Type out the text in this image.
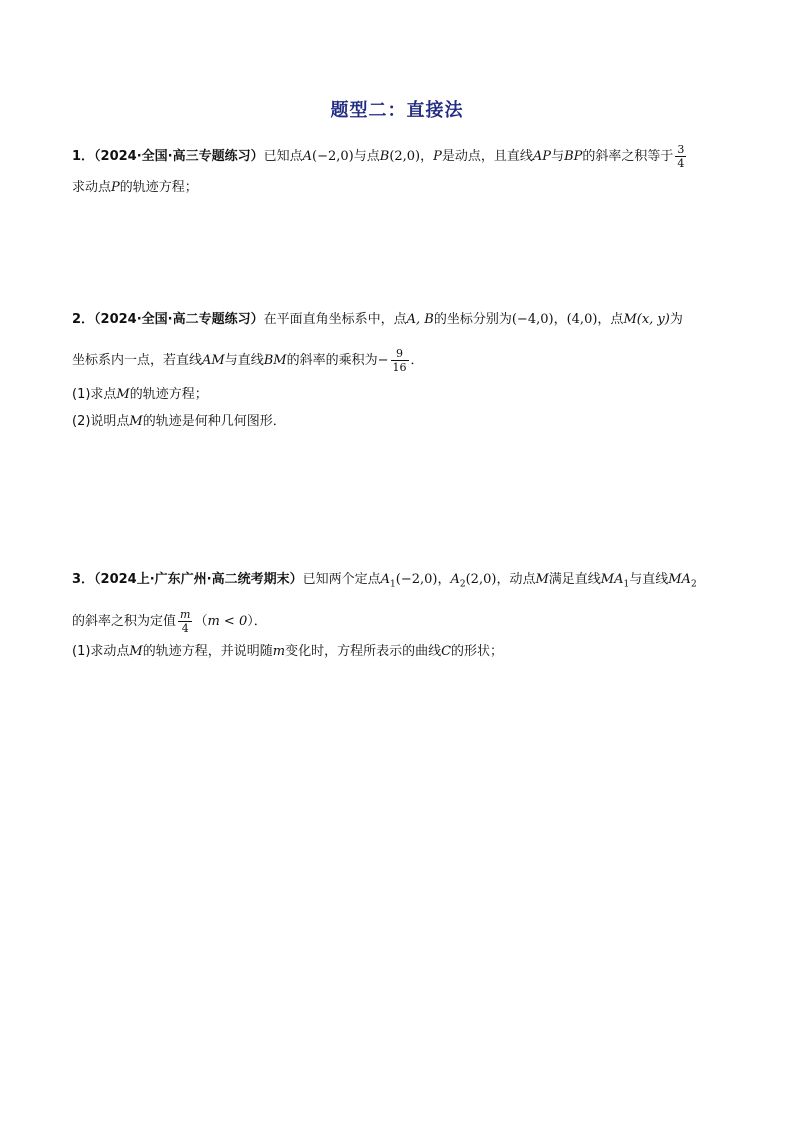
题型二：直接法
1．（2024·全国·高三专题练习）已知点A(−2,0)与点B(2,0)，P是动点，且直线AP与BP的斜率之积等于 $\frac{3}{4}$
求动点P的轨迹方程；
2．（2024·全国·高二专题练习）在平面直角坐标系中，点A, B的坐标分别为(−4,0)，(4,0)，点M(x, y)为
坐标系内一点，若直线AM与直线BM的斜率的乘积为− $\frac{9}{16}$ ．
(1)求点M的轨迹方程；
(2)说明点M的轨迹是何种几何图形．
3．（2024上·广东广州·高二统考期末）已知两个定点$A_1(-2,0)$，$A_2(2,0)$，动点M满足直线$MA_1$与直线$MA_2$
的斜率之积为定值 $\frac{m}{4} (m < 0)$．
(1)求动点M的轨迹方程，并说明随m变化时，方程所表示的曲线C的形状；
